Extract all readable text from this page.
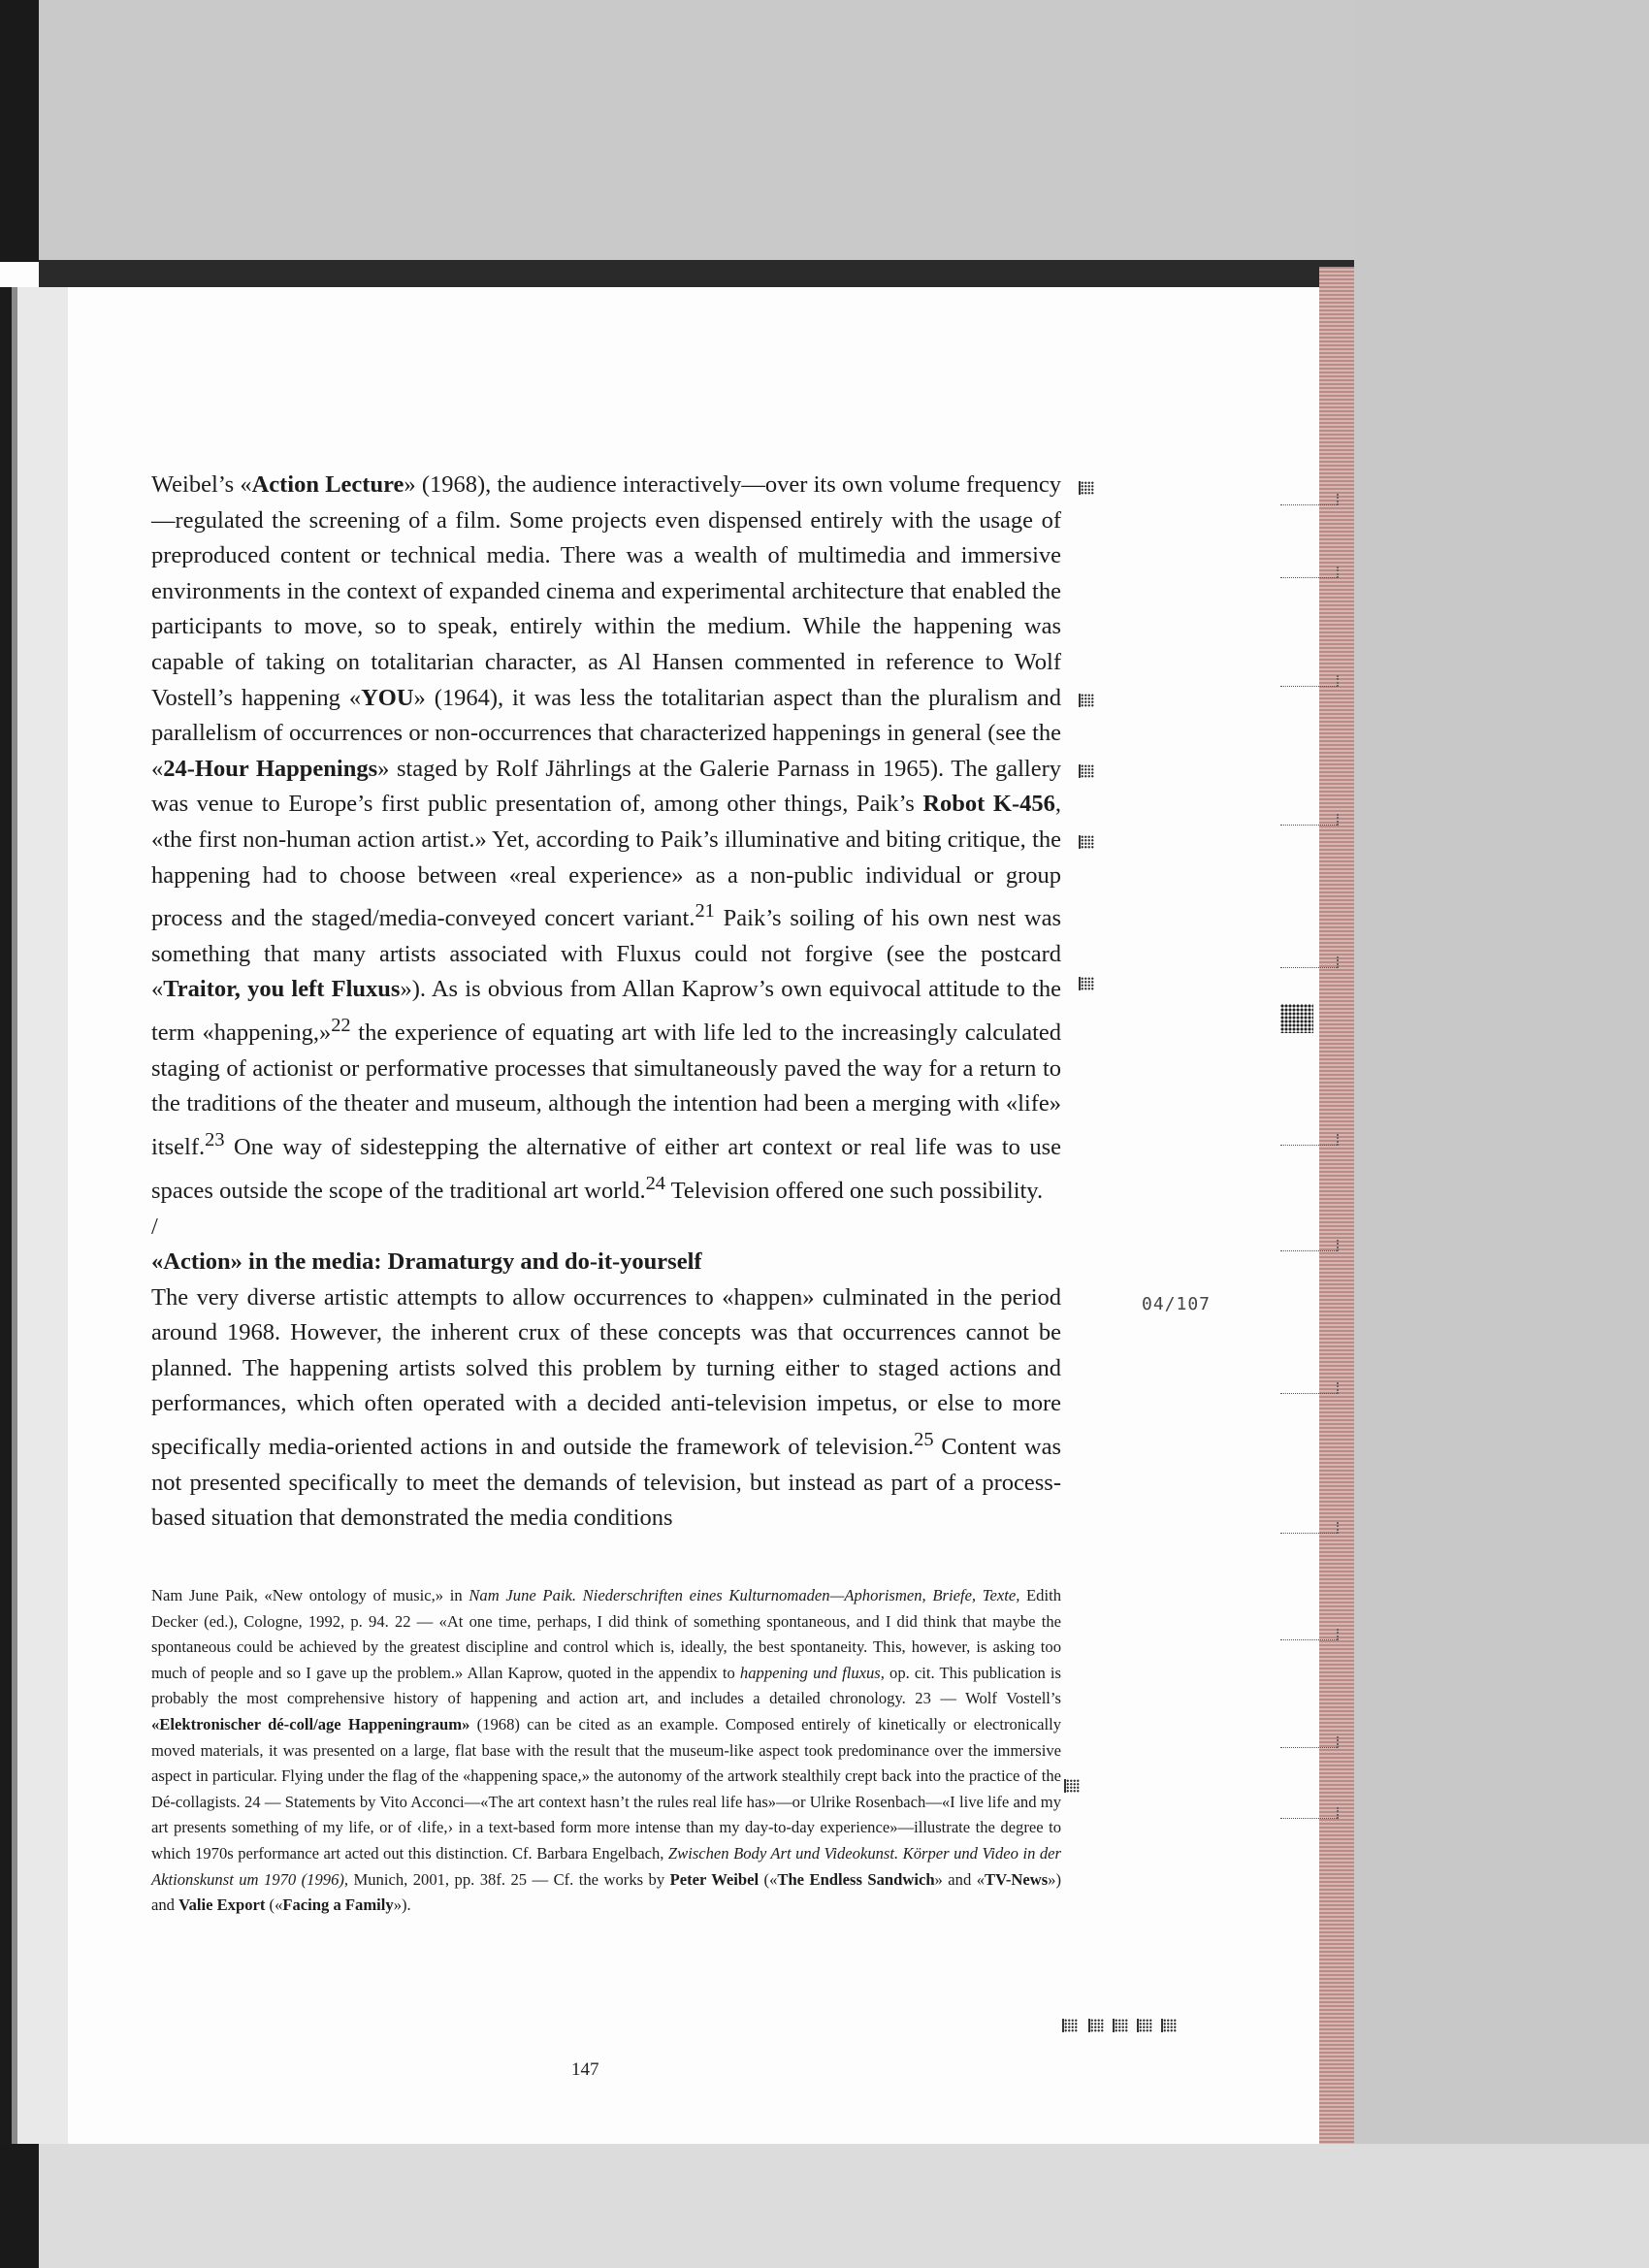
Weibel’s «Action Lecture» (1968), the audience interactively—over its own volume frequency—regulated the screening of a film. Some projects even dispensed entirely with the usage of preproduced content or technical media. There was a wealth of multimedia and immersive environments in the context of expanded cinema and experimental architecture that enabled the participants to move, so to speak, entirely within the medium. While the happening was capable of taking on totalitarian character, as Al Hansen commented in reference to Wolf Vostell’s happening «YOU» (1964), it was less the totalitarian aspect than the pluralism and parallelism of occurrences or non-occurrences that characterized happenings in general (see the «24-Hour Happenings» staged by Rolf Jährlings at the Galerie Parnass in 1965). The gallery was venue to Europe’s first public presentation of, among other things, Paik’s Robot K-456, «the first non-human action artist.» Yet, according to Paik’s illuminative and biting critique, the happening had to choose between «real experience» as a non-public individual or group process and the staged/media-conveyed concert variant.$^{21}$ Paik’s soiling of his own nest was something that many artists associated with Fluxus could not forgive (see the postcard «Traitor, you left Fluxus»). As is obvious from Allan Kaprow’s own equivocal attitude to the term «happening,»$^{22}$ the experience of equating art with life led to the increasingly calculated staging of actionist or performative processes that simultaneously paved the way for a return to the traditions of the theater and museum, although the intention had been a merging with «life» itself.$^{23}$ One way of sidestepping the alternative of either art context or real life was to use spaces outside the scope of the traditional art world.$^{24}$ Television offered one such possibility.

/

«Action» in the media: Dramaturgy and do-it-yourself

The very diverse artistic attempts to allow occurrences to «happen» culminated in the period around 1968. However, the inherent crux of these concepts was that occurrences cannot be planned. The happening artists solved this problem by turning either to staged actions and performances, which often operated with a decided anti-television impetus, or else to more specifically media-oriented actions in and outside the framework of television.$^{25}$ Content was not presented specifically to meet the demands of television, but instead as part of a process-based situation that demonstrated the media conditions

Nam June Paik, «New ontology of music,» in Nam June Paik. Niederschriften eines Kulturnomaden—Aphorismen, Briefe, Texte, Edith Decker (ed.), Cologne, 1992, p. 94. 22 — «At one time, perhaps, I did think of something spontaneous, and I did think that maybe the spontaneous could be achieved by the greatest discipline and control which is, ideally, the best spontaneity. This, however, is asking too much of people and so I gave up the problem.» Allan Kaprow, quoted in the appendix to happening und fluxus, op. cit. This publication is probably the most comprehensive history of happening and action art, and includes a detailed chronology. 23 — Wolf Vostell’s «Elektronischer dé-coll/age Happeningraum» (1968) can be cited as an example. Composed entirely of kinetically or electronically moved materials, it was presented on a large, flat base with the result that the museum-like aspect took predominance over the immersive aspect in particular. Flying under the flag of the «happening space,» the autonomy of the artwork stealthily crept back into the practice of the Dé-collagists. 24 — Statements by Vito Acconci—«The art context hasn’t the rules real life has»—or Ulrike Rosenbach—«I live life and my art presents something of my life, or of ‹life,› in a text-based form more intense than my day-to-day experience»—illustrate the degree to which 1970s performance art acted out this distinction. Cf. Barbara Engelbach, Zwischen Body Art und Videokunst. Körper und Video in der Aktionskunst um 1970 (1996), Munich, 2001, pp. 38f. 25 — Cf. the works by Peter Weibel («The Endless Sandwich» and «TV-News») and Valie Export («Facing a Family»).
04/107
147
